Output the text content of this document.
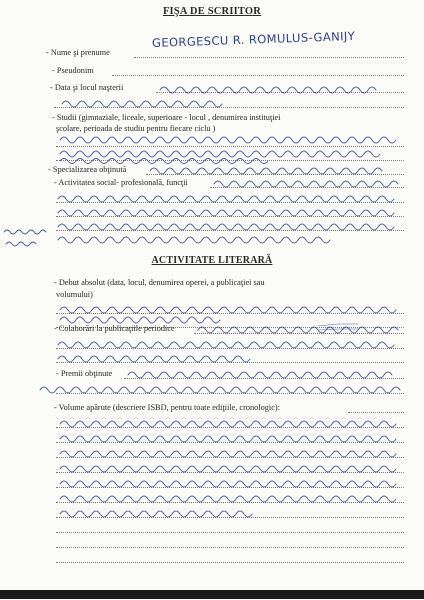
FIŞA DE SCRIITOR
- Nume şi prenume
GEORGESCU R. ROMULUS-GANIJY
- Pseudonim
- Data şi locul naşterii
- Studii (gimnaziale, liceale, superioare - locul , denumirea instituţiei
şcolare, perioada de studiu pentru fiecare ciclu )
- Specializarea obţinută
- Activitatea social- profesională, funcţii
ACTIVITATE LITERARĂ
- Debut absolut (data, locul, denumirea operei, a publicaţiei sau
volumului)
- Colaborări la publicaţiile periodice
- Premii obţinute
- Volume apărute (descriere ISBD, pentru toate ediţiile, cronologic):
